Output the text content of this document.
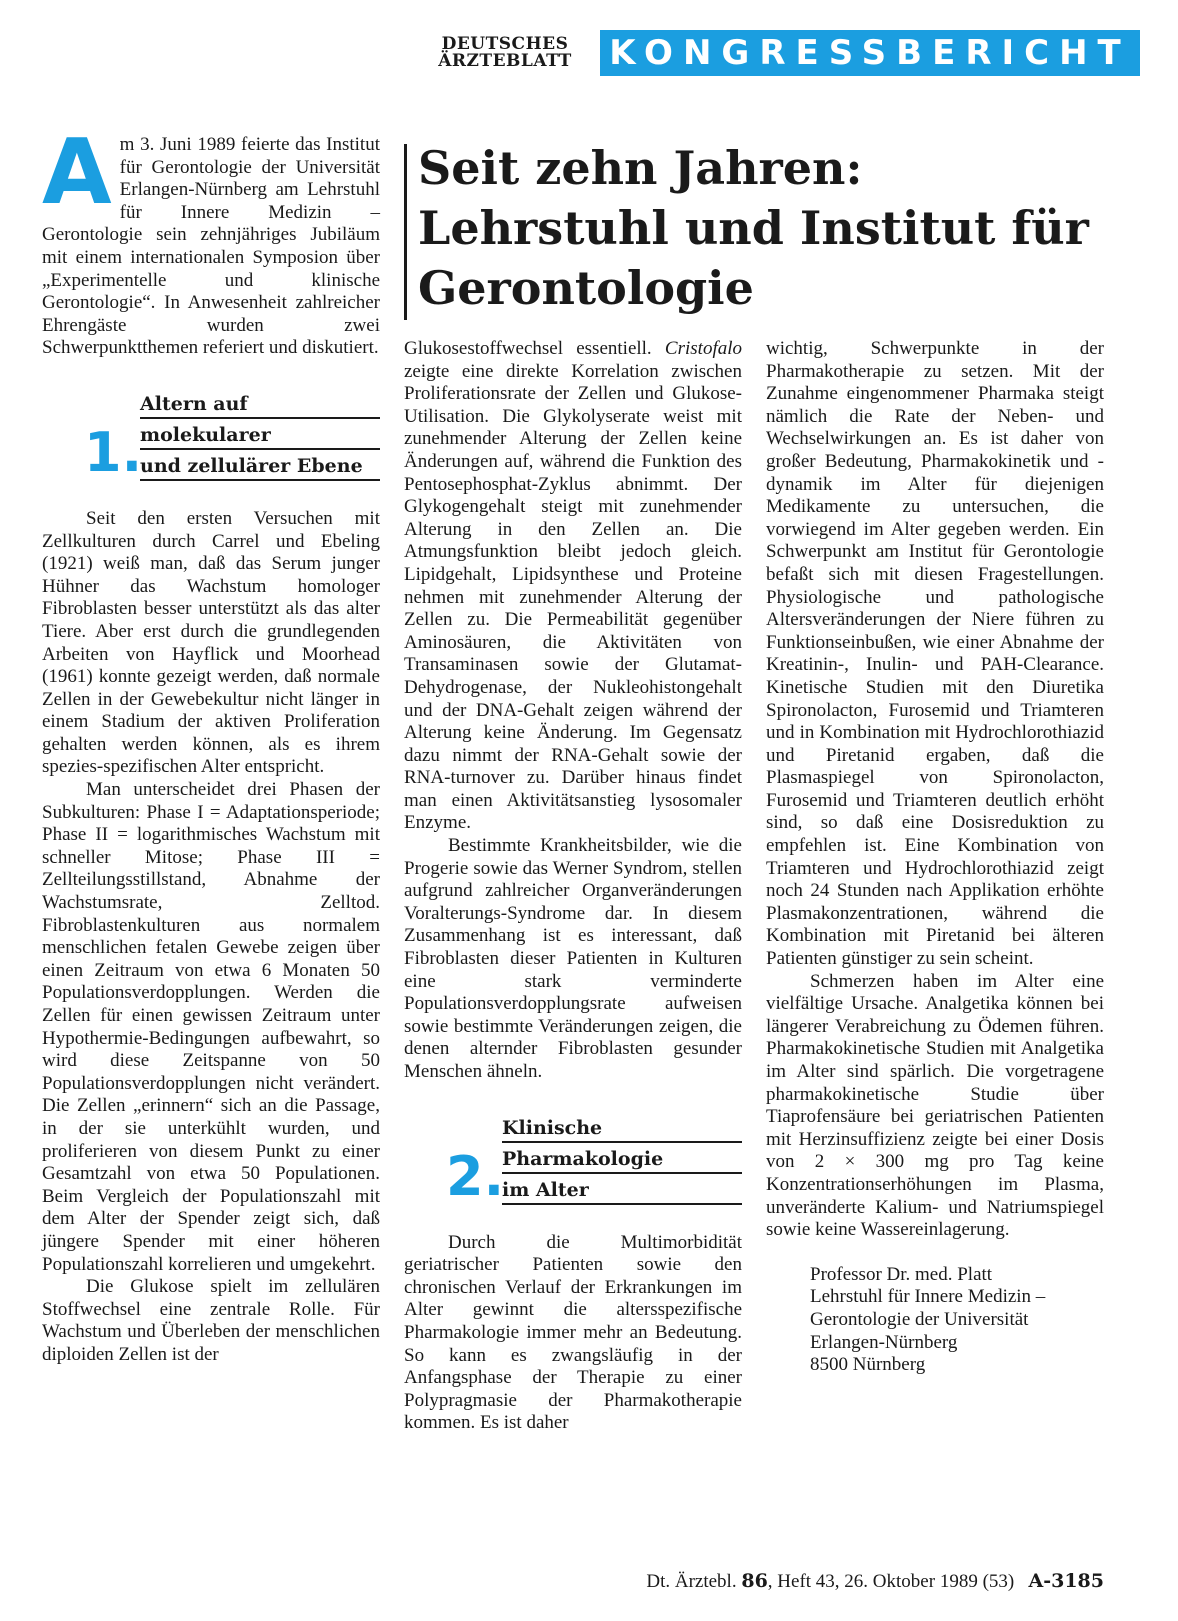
DEUTSCHES
ÄRZTEBLATT	KONGRESSBERICHT
Seit zehn Jahren:
Lehrstuhl und Institut für
Gerontologie

Am 3. Juni 1989 feierte das Institut für Gerontologie der Universität Erlangen-Nürnberg am Lehrstuhl für Innere Medizin – Gerontologie sein zehnjähriges Jubiläum mit einem internationalen Symposion über „Experimentelle und klinische Gerontologie“. In Anwesenheit zahlreicher Ehrengäste wurden zwei Schwerpunktthemen referiert und diskutiert.

1.
Altern auf
molekularer
und zellulärer Ebene

Seit den ersten Versuchen mit Zellkulturen durch Carrel und Ebeling (1921) weiß man, daß das Serum junger Hühner das Wachstum homologer Fibroblasten besser unterstützt als das alter Tiere. Aber erst durch die grundlegenden Arbeiten von Hayflick und Moorhead (1961) konnte gezeigt werden, daß normale Zellen in der Gewebekultur nicht länger in einem Stadium der aktiven Proliferation gehalten werden können, als es ihrem spezies-spezifischen Alter entspricht.

Man unterscheidet drei Phasen der Subkulturen: Phase I = Adaptationsperiode; Phase II = logarithmisches Wachstum mit schneller Mitose; Phase III = Zellteilungsstillstand, Abnahme der Wachstumsrate, Zelltod. Fibroblastenkulturen aus normalem menschlichen fetalen Gewebe zeigen über einen Zeitraum von etwa 6 Monaten 50 Populationsverdopplungen. Werden die Zellen für einen gewissen Zeitraum unter Hypothermie-Bedingungen aufbewahrt, so wird diese Zeitspanne von 50 Populationsverdopplungen nicht verändert. Die Zellen „erinnern“ sich an die Passage, in der sie unterkühlt wurden, und proliferieren von diesem Punkt zu einer Gesamtzahl von etwa 50 Populationen. Beim Vergleich der Populationszahl mit dem Alter der Spender zeigt sich, daß jüngere Spender mit einer höheren Populationszahl korrelieren und umgekehrt.

Die Glukose spielt im zellulären Stoffwechsel eine zentrale Rolle. Für Wachstum und Überleben der menschlichen diploiden Zellen ist der

Glukosestoffwechsel essentiell. Cristofalo zeigte eine direkte Korrelation zwischen Proliferationsrate der Zellen und Glukose-Utilisation. Die Glykolyserate weist mit zunehmender Alterung der Zellen keine Änderungen auf, während die Funktion des Pentosephosphat-Zyklus abnimmt. Der Glykogengehalt steigt mit zunehmender Alterung in den Zellen an. Die Atmungsfunktion bleibt jedoch gleich. Lipidgehalt, Lipidsynthese und Proteine nehmen mit zunehmender Alterung der Zellen zu. Die Permeabilität gegenüber Aminosäuren, die Aktivitäten von Transaminasen sowie der Glutamat-Dehydrogenase, der Nukleohistongehalt und der DNA-Gehalt zeigen während der Alterung keine Änderung. Im Gegensatz dazu nimmt der RNA-Gehalt sowie der RNA-turnover zu. Darüber hinaus findet man einen Aktivitätsanstieg lysosomaler Enzyme.

Bestimmte Krankheitsbilder, wie die Progerie sowie das Werner Syndrom, stellen aufgrund zahlreicher Organveränderungen Voralterungs-Syndrome dar. In diesem Zusammenhang ist es interessant, daß Fibroblasten dieser Patienten in Kulturen eine stark verminderte Populationsverdopplungsrate aufweisen sowie bestimmte Veränderungen zeigen, die denen alternder Fibroblasten gesunder Menschen ähneln.

2.
Klinische
Pharmakologie
im Alter

Durch die Multimorbidität geriatrischer Patienten sowie den chronischen Verlauf der Erkrankungen im Alter gewinnt die altersspezifische Pharmakologie immer mehr an Bedeutung. So kann es zwangsläufig in der Anfangsphase der Therapie zu einer Polypragmasie der Pharmakotherapie kommen. Es ist daher

wichtig, Schwerpunkte in der Pharmakotherapie zu setzen. Mit der Zunahme eingenommener Pharmaka steigt nämlich die Rate der Neben- und Wechselwirkungen an. Es ist daher von großer Bedeutung, Pharmakokinetik und -dynamik im Alter für diejenigen Medikamente zu untersuchen, die vorwiegend im Alter gegeben werden. Ein Schwerpunkt am Institut für Gerontologie befaßt sich mit diesen Fragestellungen. Physiologische und pathologische Altersveränderungen der Niere führen zu Funktionseinbußen, wie einer Abnahme der Kreatinin-, Inulin- und PAH-Clearance. Kinetische Studien mit den Diuretika Spironolacton, Furosemid und Triamteren und in Kombination mit Hydrochlorothiazid und Piretanid ergaben, daß die Plasmaspiegel von Spironolacton, Furosemid und Triamteren deutlich erhöht sind, so daß eine Dosisreduktion zu empfehlen ist. Eine Kombination von Triamteren und Hydrochlorothiazid zeigt noch 24 Stunden nach Applikation erhöhte Plasmakonzentrationen, während die Kombination mit Piretanid bei älteren Patienten günstiger zu sein scheint.

Schmerzen haben im Alter eine vielfältige Ursache. Analgetika können bei längerer Verabreichung zu Ödemen führen. Pharmakokinetische Studien mit Analgetika im Alter sind spärlich. Die vorgetragene pharmakokinetische Studie über Tiaprofensäure bei geriatrischen Patienten mit Herzinsuffizienz zeigte bei einer Dosis von 2 × 300 mg pro Tag keine Konzentrationserhöhungen im Plasma, unveränderte Kalium- und Natriumspiegel sowie keine Wassereinlagerung.

Professor Dr. med. Platt
Lehrstuhl für Innere Medizin –
Gerontologie der Universität
Erlangen-Nürnberg
8500 Nürnberg
Dt. Ärztebl. 86, Heft 43, 26. Oktober 1989 (53) A-3185
